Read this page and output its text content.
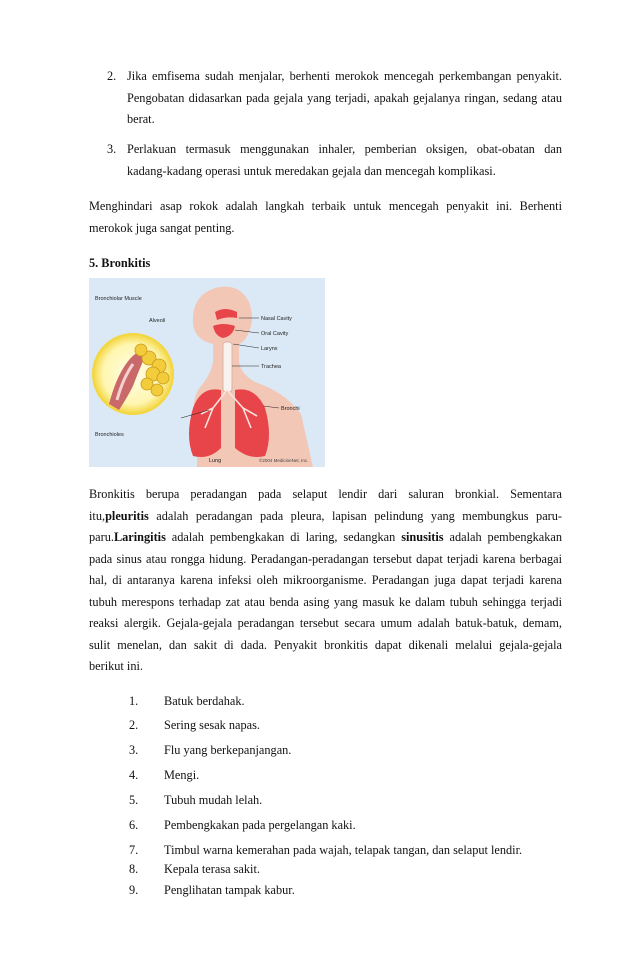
2. Jika emfisema sudah menjalar, berhenti merokok mencegah perkembangan penyakit.
Pengobatan didasarkan pada gejala yang terjadi, apakah gejalanya ringan, sedang atau
berat.
3. Perlakuan termasuk menggunakan inhaler, pemberian oksigen, obat-obatan dan
kadang-kadang operasi untuk meredakan gejala dan mencegah komplikasi.
Menghindari asap rokok adalah langkah terbaik untuk mencegah penyakit ini. Berhenti
merokok juga sangat penting.
5. Bronkitis
Bronchiolar Muscle
Alveoli
Bronchioles
Nasal Cavity
Oral Cavity
Larynx
Trachea
Bronchi
Lung	©2004 MedicineNet, Inc.
Bronkitis berupa peradangan pada selaput lendir dari saluran bronkial. Sementara
itu,pleuritis adalah peradangan pada pleura, lapisan pelindung yang membungkus paru-
paru.Laringitis adalah pembengkakan di laring, sedangkan sinusitis adalah pembengkakan
pada sinus atau rongga hidung. Peradangan-peradangan tersebut dapat terjadi karena berbagai
hal, di antaranya karena infeksi oleh mikroorganisme. Peradangan juga dapat terjadi karena
tubuh merespons terhadap zat atau benda asing yang masuk ke dalam tubuh sehingga terjadi
reaksi alergik. Gejala-gejala peradangan tersebut secara umum adalah batuk-batuk, demam,
sulit menelan, dan sakit di dada. Penyakit bronkitis dapat dikenali melalui gejala-gejala
berikut ini.
1. Batuk berdahak.
2. Sering sesak napas.
3. Flu yang berkepanjangan.
4. Mengi.
5. Tubuh mudah lelah.
6. Pembengkakan pada pergelangan kaki.
7. Timbul warna kemerahan pada wajah, telapak tangan, dan selaput lendir.
8. Kepala terasa sakit.
9. Penglihatan tampak kabur.
